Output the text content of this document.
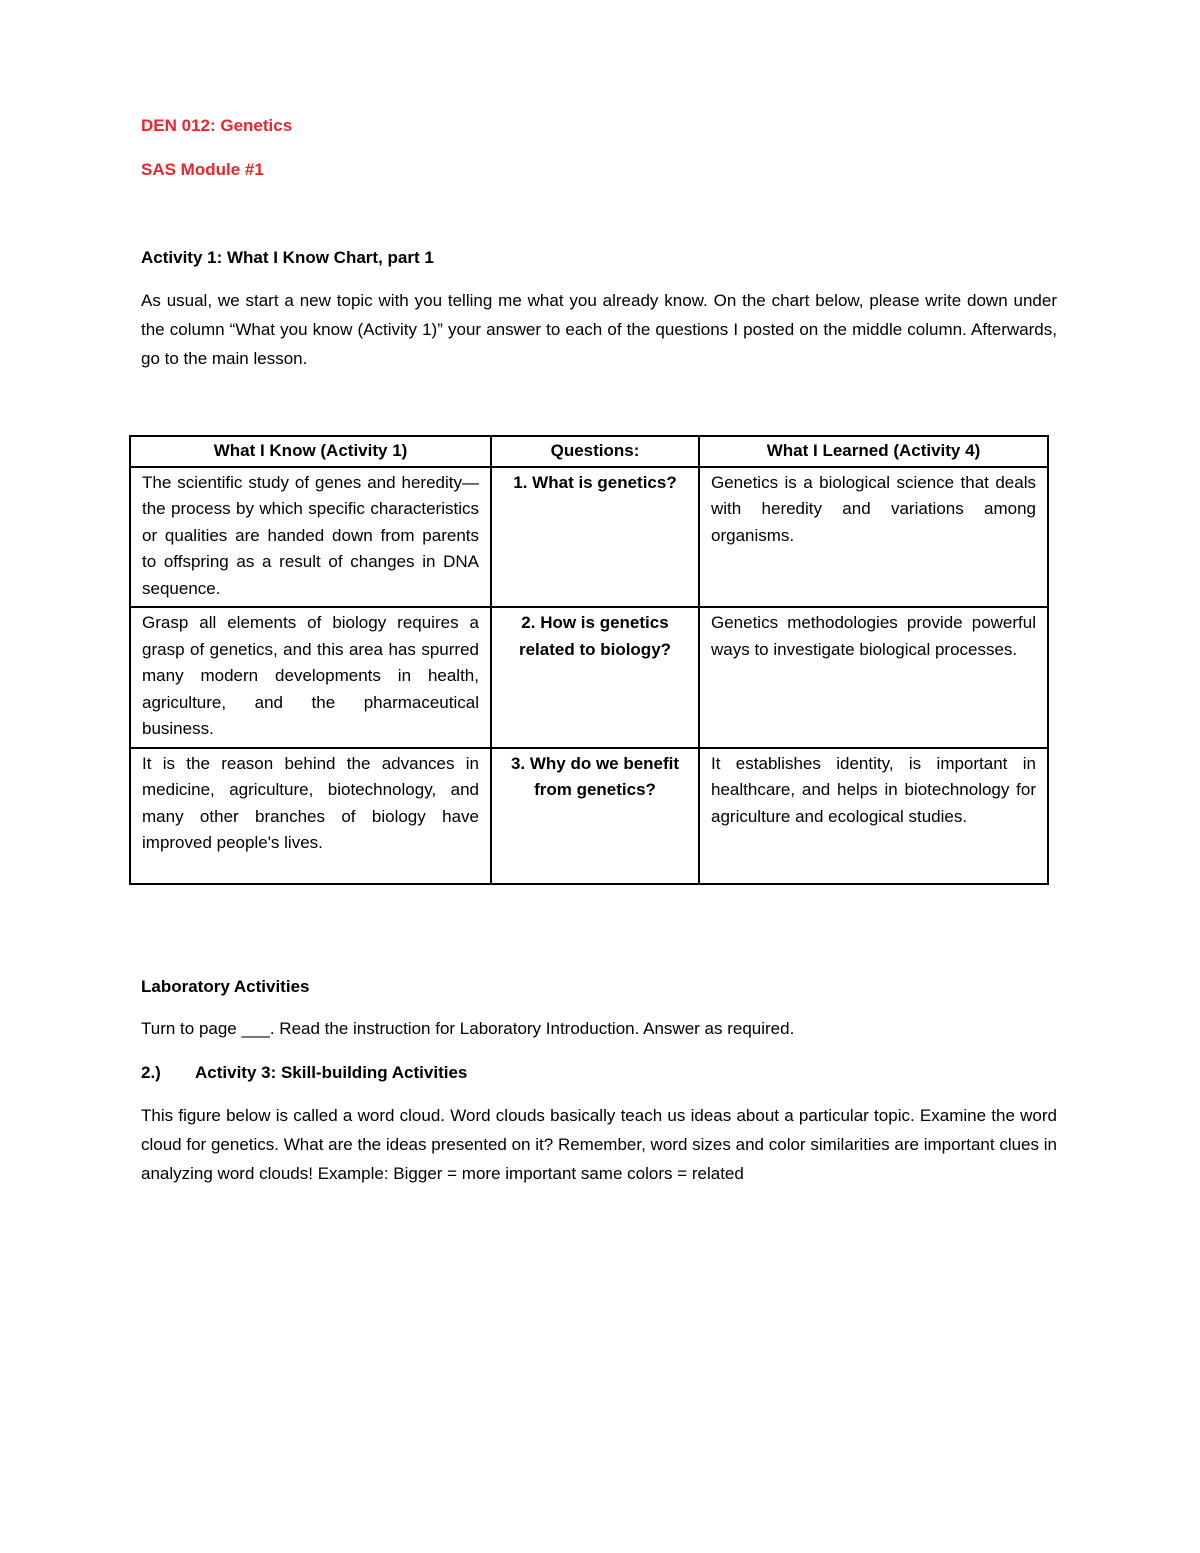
DEN 012: Genetics

SAS Module #1

Activity 1: What I Know Chart, part 1

As usual, we start a new topic with you telling me what you already know. On the chart below, please write down under the column “What you know (Activity 1)” your answer to each of the questions I posted on the middle column. Afterwards, go to the main lesson.

What I Know (Activity 1)	Questions:	What I Learned (Activity 4)
The scientific study of genes and heredity—the process by which specific characteristics or qualities are handed down from parents to offspring as a result of changes in DNA sequence.	1. What is genetics?	Genetics is a biological science that deals with heredity and variations among organisms.
Grasp all elements of biology requires a grasp of genetics, and this area has spurred many modern developments in health, agriculture, and the pharmaceutical business.	2. How is genetics related to biology?	Genetics methodologies provide powerful ways to investigate biological processes.
It is the reason behind the advances in medicine, agriculture, biotechnology, and many other branches of biology have improved people's lives.	3. Why do we benefit from genetics?	It establishes identity, is important in healthcare, and helps in biotechnology for agriculture and ecological studies.

Laboratory Activities

Turn to page ___. Read the instruction for Laboratory Introduction. Answer as required.

2.) Activity 3: Skill-building Activities

This figure below is called a word cloud. Word clouds basically teach us ideas about a particular topic. Examine the word cloud for genetics. What are the ideas presented on it? Remember, word sizes and color similarities are important clues in analyzing word clouds! Example: Bigger = more important same colors = related
